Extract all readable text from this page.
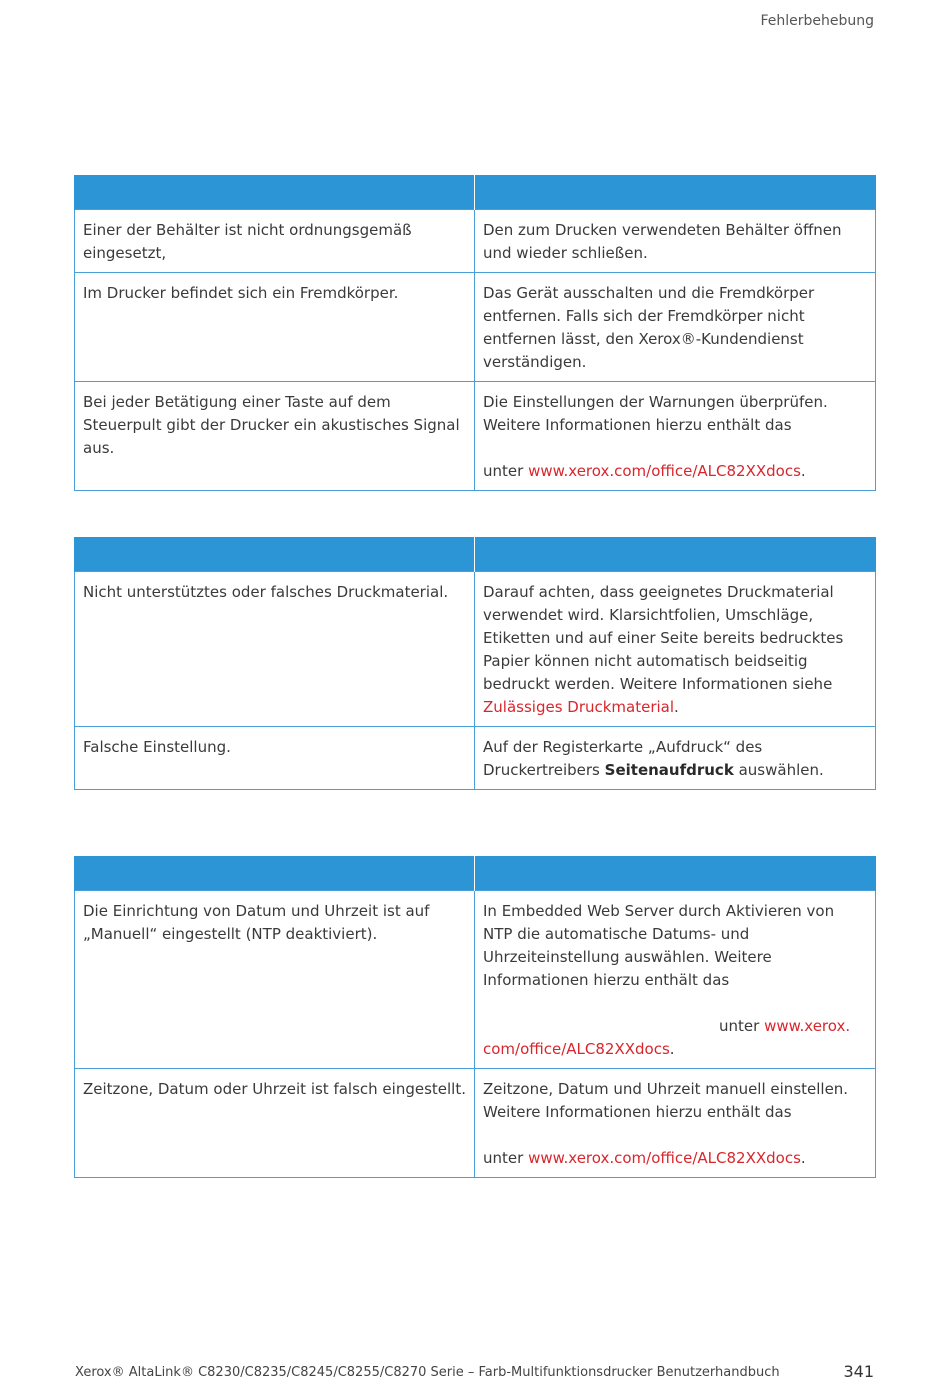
Fehlerbehebung

Einer der Behälter ist nicht ordnungsgemäß eingesetzt,	Den zum Drucken verwendeten Behälter öffnen und wieder schließen.
Im Drucker befindet sich ein Fremdkörper.	Das Gerät ausschalten und die Fremdkörper entfernen. Falls sich der Fremdkörper nicht entfernen lässt, den Xerox®-Kundendienst verständigen.
Bei jeder Betätigung einer Taste auf dem Steuerpult gibt der Drucker ein akustisches Signal aus.	Die Einstellungen der Warnungen überprüfen. Weitere Informationen hierzu enthält das
unter www.xerox.com/office/ALC82XXdocs.

Nicht unterstütztes oder falsches Druckmaterial.	Darauf achten, dass geeignetes Druckmaterial verwendet wird. Klarsichtfolien, Umschläge, Etiketten und auf einer Seite bereits bedrucktes Papier können nicht automatisch beidseitig bedruckt werden. Weitere Informationen siehe Zulässiges Druckmaterial.
Falsche Einstellung.	Auf der Registerkarte „Aufdruck“ des Druckertreibers Seitenaufdruck auswählen.

Die Einrichtung von Datum und Uhrzeit ist auf „Manuell“ eingestellt (NTP deaktiviert).	In Embedded Web Server durch Aktivieren von NTP die automatische Datums- und Uhrzeiteinstellung auswählen. Weitere Informationen hierzu enthält das
unter www.xerox.
com/office/ALC82XXdocs.
Zeitzone, Datum oder Uhrzeit ist falsch eingestellt.	Zeitzone, Datum und Uhrzeit manuell einstellen. Weitere Informationen hierzu enthält das
unter www.xerox.com/office/ALC82XXdocs.
Xerox® AltaLink® C8230/C8235/C8245/C8255/C8270 Serie – Farb-Multifunktionsdrucker Benutzerhandbuch	341
